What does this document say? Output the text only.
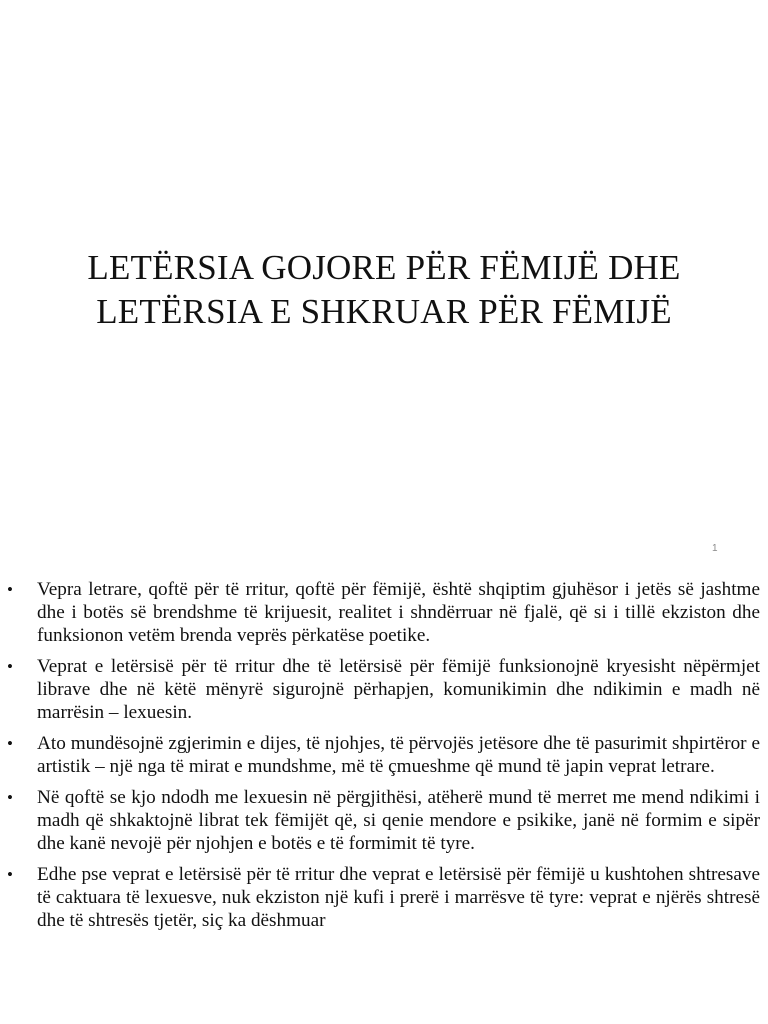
LETËRSIA GOJORE PËR FËMIJË DHE
LETËRSIA E SHKRUAR PËR FËMIJË
1
• Vepra letrare, qoftë për të rritur, qoftë për fëmijë, është shqiptim gjuhësor i jetës së jashtme dhe i botës së brendshme të krijuesit, realitet i shndërruar në fjalë, që si i tillë ekziston dhe funksionon vetëm brenda veprës përkatëse poetike.
• Veprat e letërsisë për të rritur dhe të letërsisë për fëmijë funksionojnë kryesisht nëpërmjet librave dhe në këtë mënyrë sigurojnë përhapjen, komunikimin dhe ndikimin e madh në marrësin – lexuesin.
• Ato mundësojnë zgjerimin e dijes, të njohjes, të përvojës jetësore dhe të pasurimit shpirtëror e artistik – një nga të mirat e mundshme, më të çmueshme që mund të japin veprat letrare.
• Në qoftë se kjo ndodh me lexuesin në përgjithësi, atëherë mund të merret me mend ndikimi i madh që shkaktojnë librat tek fëmijët që, si qenie mendore e psikike, janë në formim e sipër dhe kanë nevojë për njohjen e botës e të formimit të tyre.
• Edhe pse veprat e letërsisë për të rritur dhe veprat e letërsisë për fëmijë u kushtohen shtresave të caktuara të lexuesve, nuk ekziston një kufi i prerë i marrësve të tyre: veprat e njërës shtresë dhe të shtresës tjetër, siç ka dëshmuar
